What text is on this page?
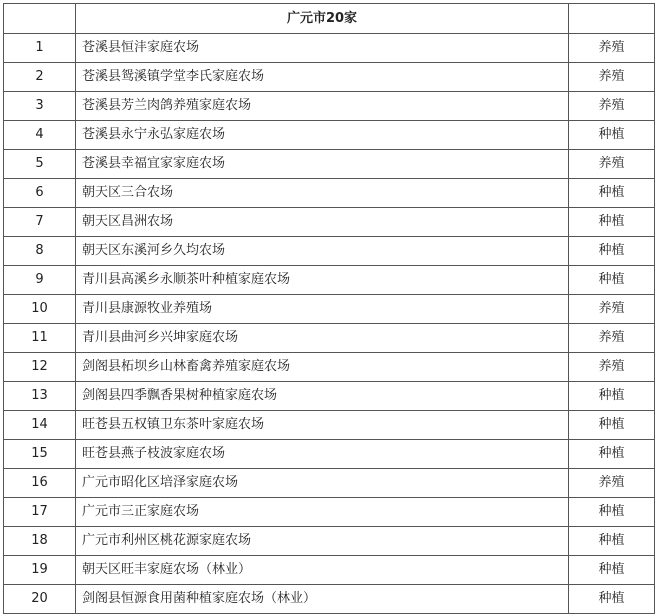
	广元市20家	
1	苍溪县恒沣家庭农场	养殖
2	苍溪县鸳溪镇学堂李氏家庭农场	养殖
3	苍溪县芳兰肉鸽养殖家庭农场	养殖
4	苍溪县永宁永弘家庭农场	种植
5	苍溪县幸福宜家家庭农场	养殖
6	朝天区三合农场	种植
7	朝天区昌洲农场	种植
8	朝天区东溪河乡久均农场	种植
9	青川县高溪乡永顺茶叶种植家庭农场	种植
10	青川县康源牧业养殖场	养殖
11	青川县曲河乡兴坤家庭农场	养殖
12	剑阁县柘坝乡山林畜禽养殖家庭农场	养殖
13	剑阁县四季飘香果树种植家庭农场	种植
14	旺苍县五权镇卫东茶叶家庭农场	种植
15	旺苍县燕子枝波家庭农场	种植
16	广元市昭化区培泽家庭农场	养殖
17	广元市三正家庭农场	种植
18	广元市利州区桃花源家庭农场	种植
19	朝天区旺丰家庭农场（林业）	种植
20	剑阁县恒源食用菌种植家庭农场（林业）	种植
